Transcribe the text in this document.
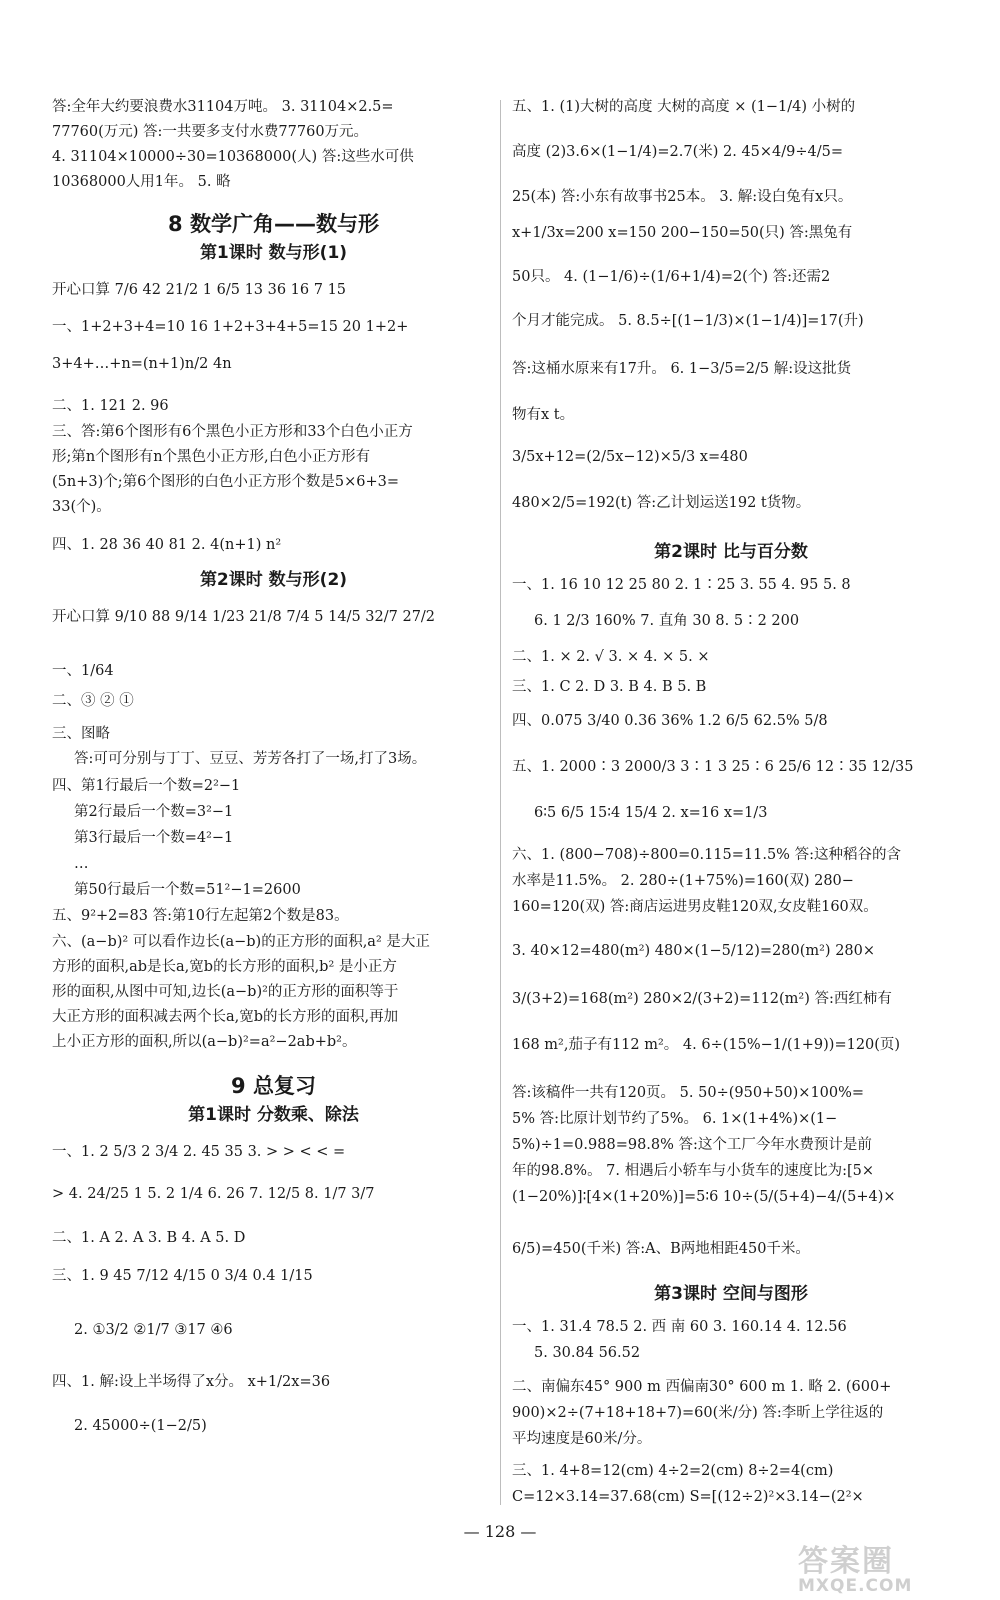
答:全年大约要浪费水31104万吨。 3. 31104×2.5=
77760(万元) 答:一共要多支付水费77760万元。
4. 31104×10000÷30=10368000(人) 答:这些水可供
10368000人用1年。 5. 略
8 数学广角——数与形
第1课时 数与形(1)
开心口算 7/6 42 21/2 1 6/5 13 36 16 7 15
一、1+2+3+4=10 16 1+2+3+4+5=15 20 1+2+
3+4+…+n=(n+1)n/2 4n
二、1. 121 2. 96
三、答:第6个图形有6个黑色小正方形和33个白色小正方
形;第n个图形有n个黑色小正方形,白色小正方形有
(5n+3)个;第6个图形的白色小正方形个数是5×6+3=
33(个)。
四、1. 28 36 40 81 2. 4(n+1) n²
第2课时 数与形(2)
开心口算 9/10 88 9/14 1/23 21/8 7/4 5 14/5 32/7 27/2
一、1/64
二、③ ② ①
三、图略
答:可可分别与丁丁、豆豆、芳芳各打了一场,打了3场。
四、第1行最后一个数=2²−1
第2行最后一个数=3²−1
第3行最后一个数=4²−1
…
第50行最后一个数=51²−1=2600
五、9²+2=83 答:第10行左起第2个数是83。
六、(a−b)² 可以看作边长(a−b)的正方形的面积,a² 是大正
方形的面积,ab是长a,宽b的长方形的面积,b² 是小正方
形的面积,从图中可知,边长(a−b)²的正方形的面积等于
大正方形的面积减去两个长a,宽b的长方形的面积,再加
上小正方形的面积,所以(a−b)²=a²−2ab+b²。
9 总复习
第1课时 分数乘、除法
一、1. 2 5/3 2 3/4 2. 45 35 3. > > < < =
> 4. 24/25 1 5. 2 1/4 6. 26 7. 12/5 8. 1/7 3/7
二、1. A 2. A 3. B 4. A 5. D
三、1. 9 45 7/12 4/15 0 3/4 0.4 1/15
2. ①3/2 ②1/7 ③17 ④6
四、1. 解:设上半场得了x分。 x+1/2x=36
2. 45000÷(1−2/5)
五、1. (1)大树的高度 大树的高度 × (1−1/4) 小树的
高度 (2)3.6×(1−1/4)=2.7(米) 2. 45×4/9÷4/5=
25(本) 答:小东有故事书25本。 3. 解:设白兔有x只。
x+1/3x=200 x=150 200−150=50(只) 答:黑兔有
50只。 4. (1−1/6)÷(1/6+1/4)=2(个) 答:还需2
个月才能完成。 5. 8.5÷[(1−1/3)×(1−1/4)]=17(升)
答:这桶水原来有17升。 6. 1−3/5=2/5 解:设这批货
物有x t。
3/5x+12=(2/5x−12)×5/3 x=480
480×2/5=192(t) 答:乙计划运送192 t货物。
第2课时 比与百分数
一、1. 16 10 12 25 80 2. 1∶25 3. 55 4. 95 5. 8
6. 1 2/3 160% 7. 直角 30 8. 5∶2 200
二、1. × 2. √ 3. × 4. × 5. ×
三、1. C 2. D 3. B 4. B 5. B
四、0.075 3/40 0.36 36% 1.2 6/5 62.5% 5/8
五、1. 2000∶3 2000/3 3∶1 3 25∶6 25/6 12∶35 12/35
6∶5 6/5 15∶4 15/4 2. x=16 x=1/3
六、1. (800−708)÷800=0.115=11.5% 答:这种稻谷的含
水率是11.5%。 2. 280÷(1+75%)=160(双) 280−
160=120(双) 答:商店运进男皮鞋120双,女皮鞋160双。
3. 40×12=480(m²) 480×(1−5/12)=280(m²) 280×
3/(3+2)=168(m²) 280×2/(3+2)=112(m²) 答:西红柿有
168 m²,茄子有112 m²。 4. 6÷(15%−1/(1+9))=120(页)
答:该稿件一共有120页。 5. 50÷(950+50)×100%=
5% 答:比原计划节约了5%。 6. 1×(1+4%)×(1−
5%)÷1=0.988=98.8% 答:这个工厂今年水费预计是前
年的98.8%。 7. 相遇后小轿车与小货车的速度比为:[5×
(1−20%)]∶[4×(1+20%)]=5∶6 10÷(5/(5+4)−4/(5+4)×
6/5)=450(千米) 答:A、B两地相距450千米。
第3课时 空间与图形
一、1. 31.4 78.5 2. 西 南 60 3. 160.14 4. 12.56
5. 30.84 56.52
二、南偏东45° 900 m 西偏南30° 600 m 1. 略 2. (600+
900)×2÷(7+18+18+7)=60(米/分) 答:李昕上学往返的
平均速度是60米/分。
三、1. 4+8=12(cm) 4÷2=2(cm) 8÷2=4(cm)
C=12×3.14=37.68(cm) S=[(12÷2)²×3.14−(2²×
— 128 —
答案圈
MXQE.COM
